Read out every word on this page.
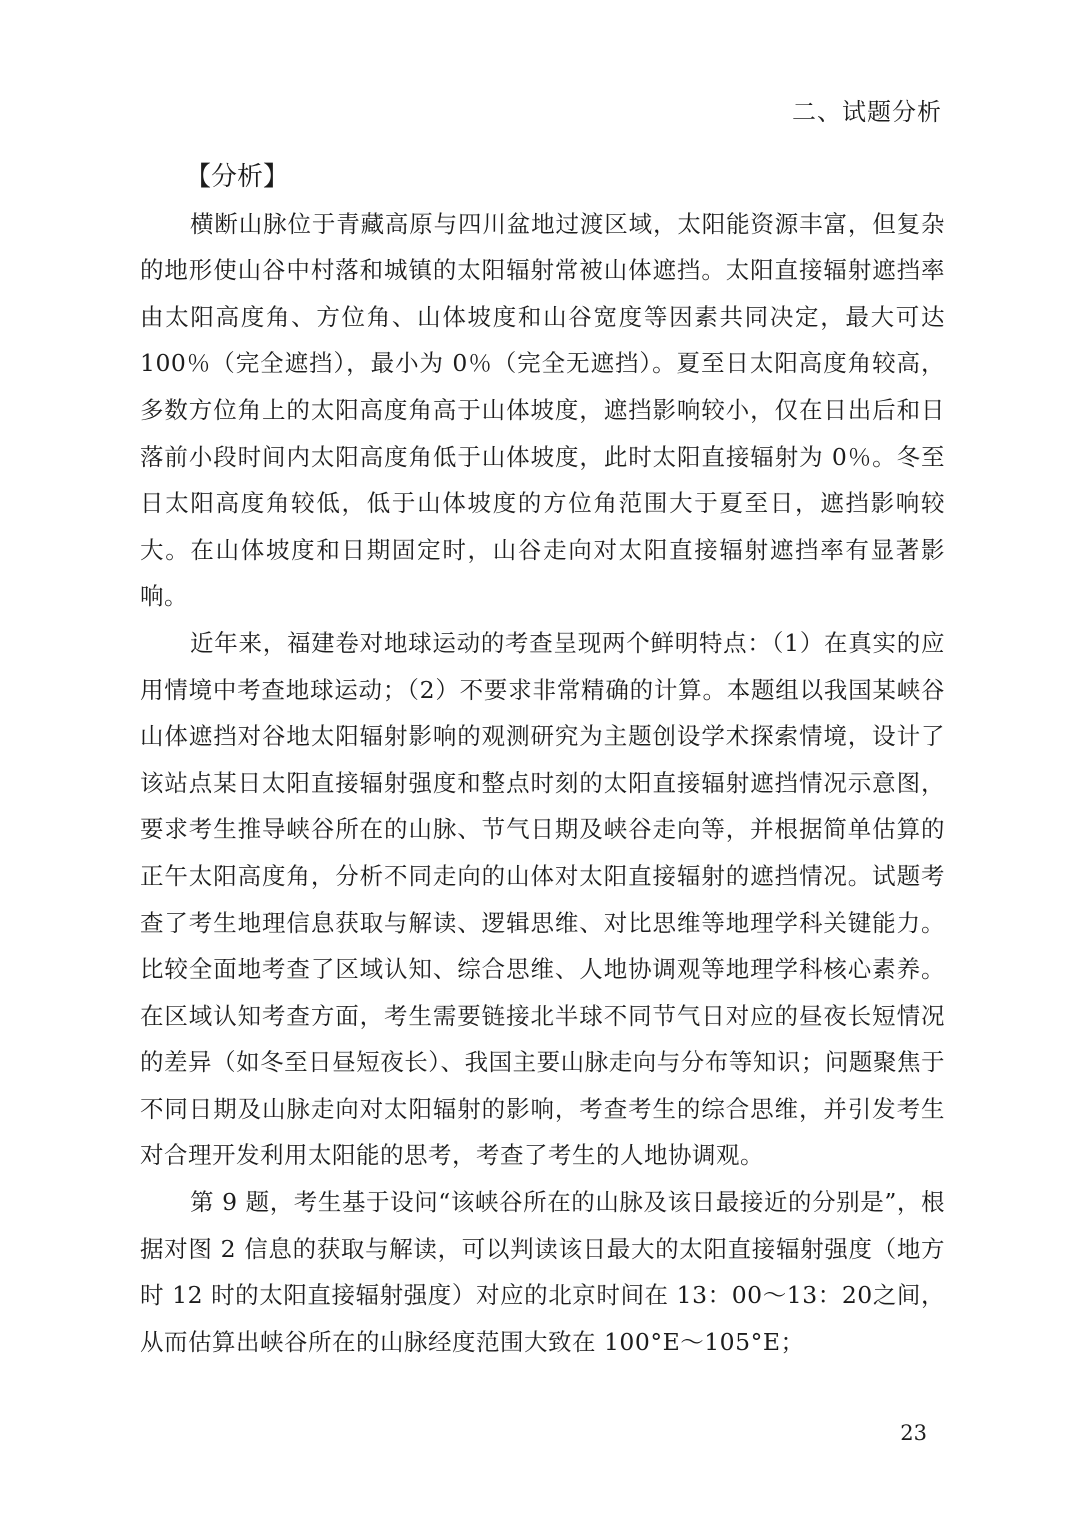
二、试题分析
【分析】

横断山脉位于青藏高原与四川盆地过渡区域，太阳能资源丰富，但复杂的地形使山谷中村落和城镇的太阳辐射常被山体遮挡。太阳直接辐射遮挡率由太阳高度角、方位角、山体坡度和山谷宽度等因素共同决定，最大可达 100％（完全遮挡），最小为 0％（完全无遮挡）。夏至日太阳高度角较高，多数方位角上的太阳高度角高于山体坡度，遮挡影响较小，仅在日出后和日落前小段时间内太阳高度角低于山体坡度，此时太阳直接辐射为 0％。冬至日太阳高度角较低，低于山体坡度的方位角范围大于夏至日，遮挡影响较大。在山体坡度和日期固定时，山谷走向对太阳直接辐射遮挡率有显著影响。

近年来，福建卷对地球运动的考查呈现两个鲜明特点：（1）在真实的应用情境中考查地球运动；（2）不要求非常精确的计算。本题组以我国某峡谷山体遮挡对谷地太阳辐射影响的观测研究为主题创设学术探索情境，设计了该站点某日太阳直接辐射强度和整点时刻的太阳直接辐射遮挡情况示意图，要求考生推导峡谷所在的山脉、节气日期及峡谷走向等，并根据简单估算的正午太阳高度角，分析不同走向的山体对太阳直接辐射的遮挡情况。试题考查了考生地理信息获取与解读、逻辑思维、对比思维等地理学科关键能力。比较全面地考查了区域认知、综合思维、人地协调观等地理学科核心素养。在区域认知考查方面，考生需要链接北半球不同节气日对应的昼夜长短情况的差异（如冬至日昼短夜长）、我国主要山脉走向与分布等知识；问题聚焦于不同日期及山脉走向对太阳辐射的影响，考查考生的综合思维，并引发考生对合理开发利用太阳能的思考，考查了考生的人地协调观。

第 9 题，考生基于设问“该峡谷所在的山脉及该日最接近的分别是”，根据对图 2 信息的获取与解读，可以判读该日最大的太阳直接辐射强度（地方时 12 时的太阳直接辐射强度）对应的北京时间在 13：00～13：20之间，从而估算出峡谷所在的山脉经度范围大致在 100°E～105°E；

23
